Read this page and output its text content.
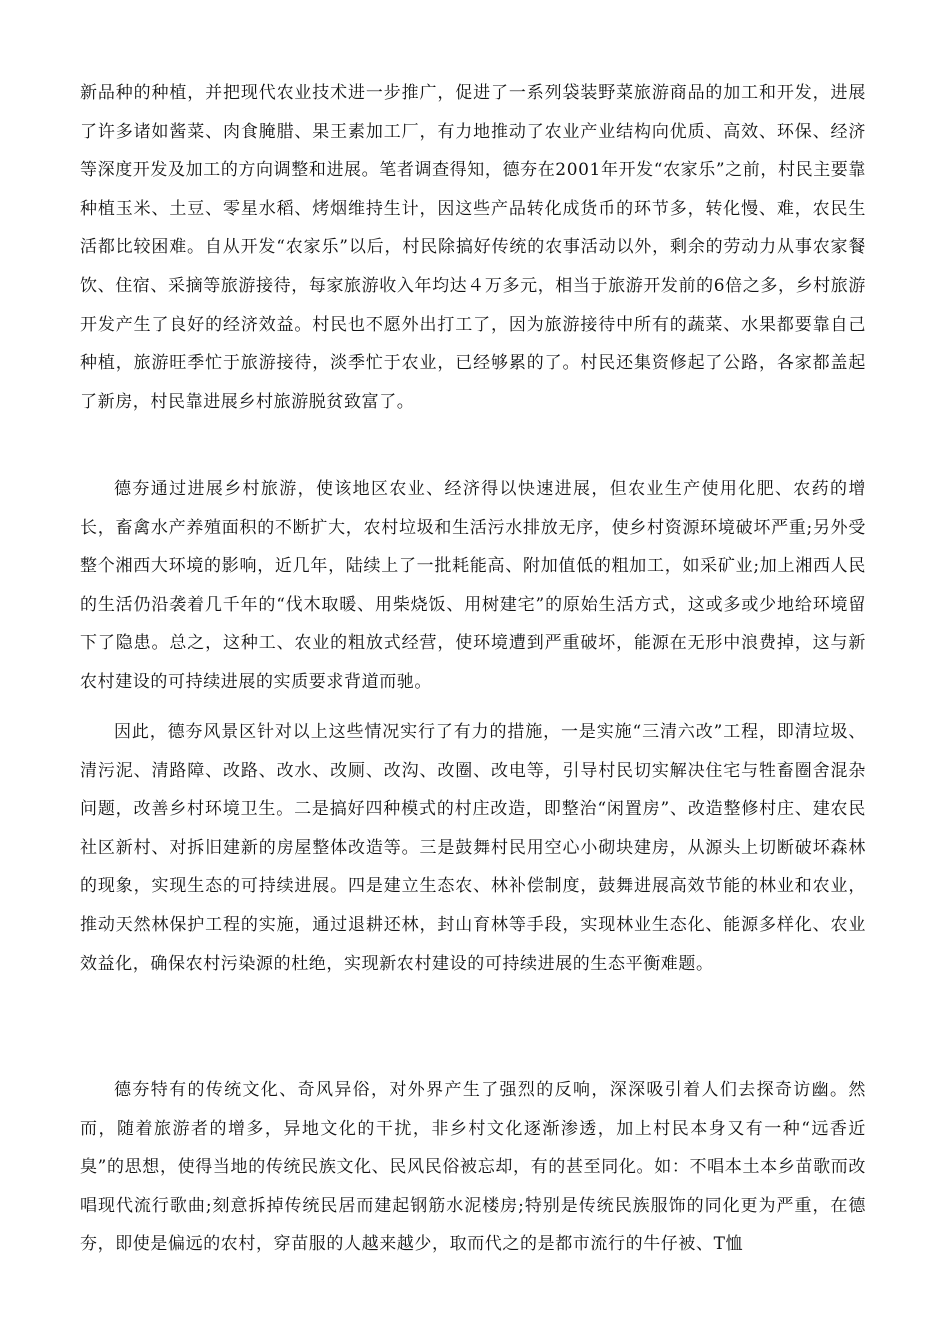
新品种的种植，并把现代农业技术进一步推广，促进了一系列袋装野菜旅游商品的加工和开发，进展了许多诸如酱菜、肉食腌腊、果王素加工厂，有力地推动了农业产业结构向优质、高效、环保、经济等深度开发及加工的方向调整和进展。笔者调查得知，德夯在2001年开发“农家乐”之前，村民主要靠种植玉米、土豆、零星水稻、烤烟维持生计，因这些产品转化成货币的环节多，转化慢、难，农民生活都比较困难。自从开发“农家乐”以后，村民除搞好传统的农事活动以外，剩余的劳动力从事农家餐饮、住宿、采摘等旅游接待，每家旅游收入年均达４万多元，相当于旅游开发前的6倍之多，乡村旅游开发产生了良好的经济效益。村民也不愿外出打工了，因为旅游接待中所有的蔬菜、水果都要靠自己种植，旅游旺季忙于旅游接待，淡季忙于农业，已经够累的了。村民还集资修起了公路，各家都盖起了新房，村民靠进展乡村旅游脱贫致富了。

德夯通过进展乡村旅游，使该地区农业、经济得以快速进展，但农业生产使用化肥、农药的增长，畜禽水产养殖面积的不断扩大，农村垃圾和生活污水排放无序，使乡村资源环境破坏严重;另外受整个湘西大环境的影响，近几年，陆续上了一批耗能高、附加值低的粗加工，如采矿业;加上湘西人民的生活仍沿袭着几千年的“伐木取暖、用柴烧饭、用树建宅”的原始生活方式，这或多或少地给环境留下了隐患。总之，这种工、农业的粗放式经营，使环境遭到严重破坏，能源在无形中浪费掉，这与新农村建设的可持续进展的实质要求背道而驰。

因此，德夯风景区针对以上这些情况实行了有力的措施，一是实施“三清六改”工程，即清垃圾、清污泥、清路障、改路、改水、改厕、改沟、改圈、改电等，引导村民切实解决住宅与牲畜圈舍混杂问题，改善乡村环境卫生。二是搞好四种模式的村庄改造，即整治“闲置房”、改造整修村庄、建农民社区新村、对拆旧建新的房屋整体改造等。三是鼓舞村民用空心小砌块建房，从源头上切断破坏森林的现象，实现生态的可持续进展。四是建立生态农、林补偿制度，鼓舞进展高效节能的林业和农业，推动天然林保护工程的实施，通过退耕还林，封山育林等手段，实现林业生态化、能源多样化、农业效益化，确保农村污染源的杜绝，实现新农村建设的可持续进展的生态平衡难题。

德夯特有的传统文化、奇风异俗，对外界产生了强烈的反响，深深吸引着人们去探奇访幽。然而，随着旅游者的增多，异地文化的干扰，非乡村文化逐渐渗透，加上村民本身又有一种“远香近臭”的思想，使得当地的传统民族文化、民风民俗被忘却，有的甚至同化。如：不唱本土本乡苗歌而改唱现代流行歌曲;刻意拆掉传统民居而建起钢筋水泥楼房;特别是传统民族服饰的同化更为严重，在德夯，即使是偏远的农村，穿苗服的人越来越少，取而代之的是都市流行的牛仔被、T恤
